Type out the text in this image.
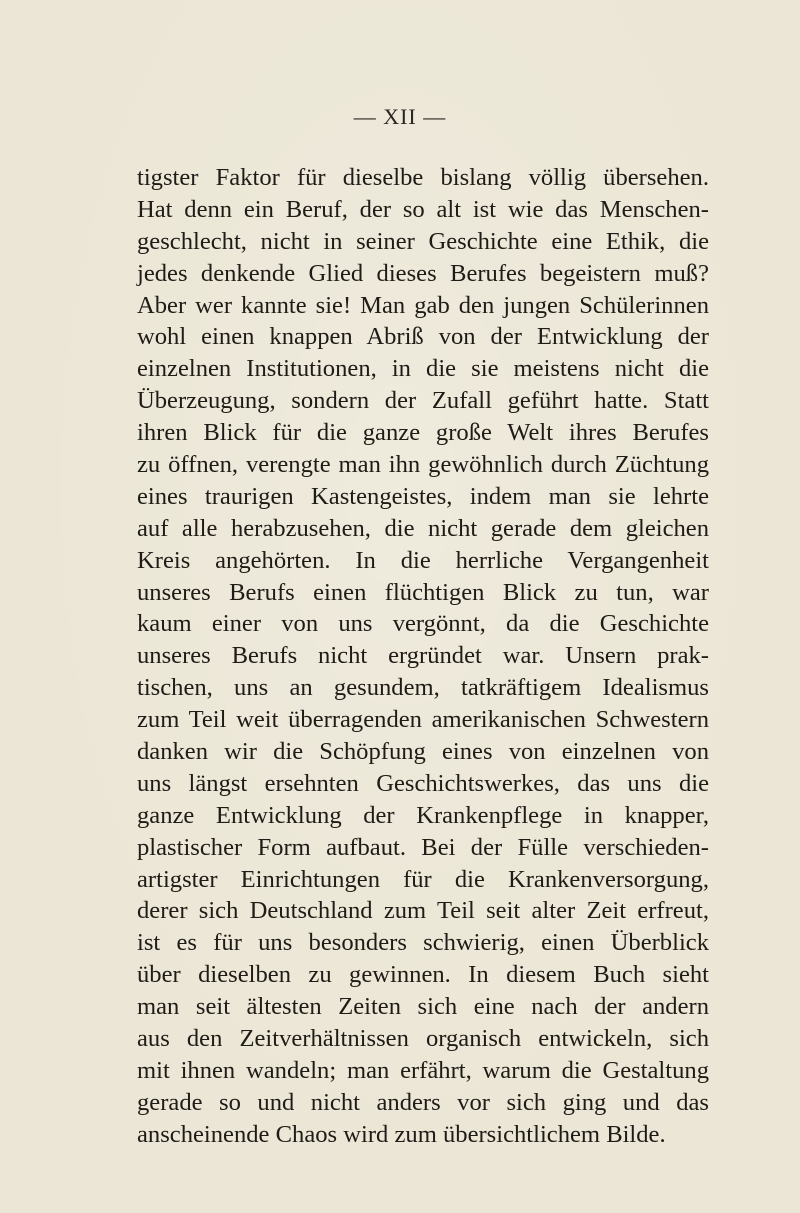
— XII —
tigster Faktor für dieselbe bislang völlig übersehen.
Hat denn ein Beruf, der so alt ist wie das Menschen-
geschlecht, nicht in seiner Geschichte eine Ethik, die
jedes denkende Glied dieses Berufes begeistern muß?
Aber wer kannte sie! Man gab den jungen Schülerinnen
wohl einen knappen Abriß von der Entwicklung der
einzelnen Institutionen, in die sie meistens nicht die
Überzeugung, sondern der Zufall geführt hatte. Statt
ihren Blick für die ganze große Welt ihres Berufes
zu öffnen, verengte man ihn gewöhnlich durch Züchtung
eines traurigen Kastengeistes, indem man sie lehrte
auf alle herabzusehen, die nicht gerade dem gleichen
Kreis angehörten. In die herrliche Vergangenheit
unseres Berufs einen flüchtigen Blick zu tun, war
kaum einer von uns vergönnt, da die Geschichte
unseres Berufs nicht ergründet war. Unsern prak-
tischen, uns an gesundem, tatkräftigem Idealismus
zum Teil weit überragenden amerikanischen Schwestern
danken wir die Schöpfung eines von einzelnen von
uns längst ersehnten Geschichtswerkes, das uns die
ganze Entwicklung der Krankenpflege in knapper,
plastischer Form aufbaut. Bei der Fülle verschieden-
artigster Einrichtungen für die Krankenversorgung,
derer sich Deutschland zum Teil seit alter Zeit erfreut,
ist es für uns besonders schwierig, einen Überblick
über dieselben zu gewinnen. In diesem Buch sieht
man seit ältesten Zeiten sich eine nach der andern
aus den Zeitverhältnissen organisch entwickeln, sich
mit ihnen wandeln; man erfährt, warum die Gestaltung
gerade so und nicht anders vor sich ging und das
anscheinende Chaos wird zum übersichtlichem Bilde.
